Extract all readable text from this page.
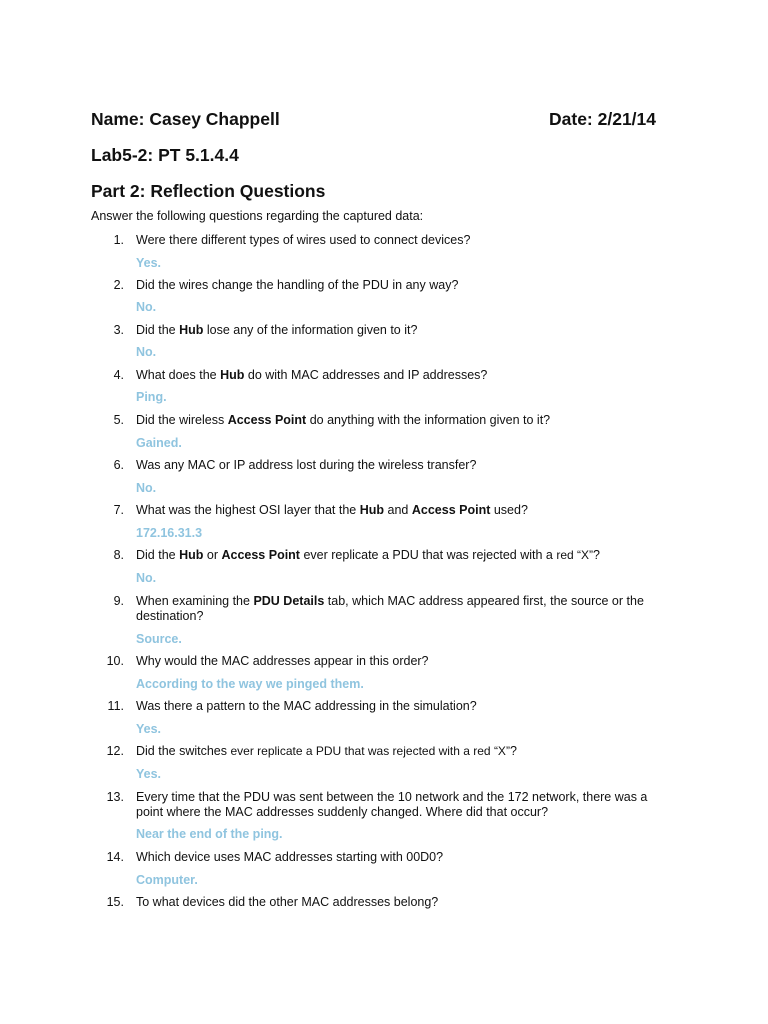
Name: Casey Chappell	Date: 2/21/14
Lab5-2: PT 5.1.4.4
Part 2: Reflection Questions
Answer the following questions regarding the captured data:
1. Were there different types of wires used to connect devices?
Yes.
2. Did the wires change the handling of the PDU in any way?
No.
3. Did the Hub lose any of the information given to it?
No.
4. What does the Hub do with MAC addresses and IP addresses?
Ping.
5. Did the wireless Access Point do anything with the information given to it?
Gained.
6. Was any MAC or IP address lost during the wireless transfer?
No.
7. What was the highest OSI layer that the Hub and Access Point used?
172.16.31.3
8. Did the Hub or Access Point ever replicate a PDU that was rejected with a red “X”?
No.
9. When examining the PDU Details tab, which MAC address appeared first, the source or the destination?
Source.
10. Why would the MAC addresses appear in this order?
According to the way we pinged them.
11. Was there a pattern to the MAC addressing in the simulation?
Yes.
12. Did the switches ever replicate a PDU that was rejected with a red “X”?
Yes.
13. Every time that the PDU was sent between the 10 network and the 172 network, there was a point where the MAC addresses suddenly changed. Where did that occur?
Near the end of the ping.
14. Which device uses MAC addresses starting with 00D0?
Computer.
15. To what devices did the other MAC addresses belong?
